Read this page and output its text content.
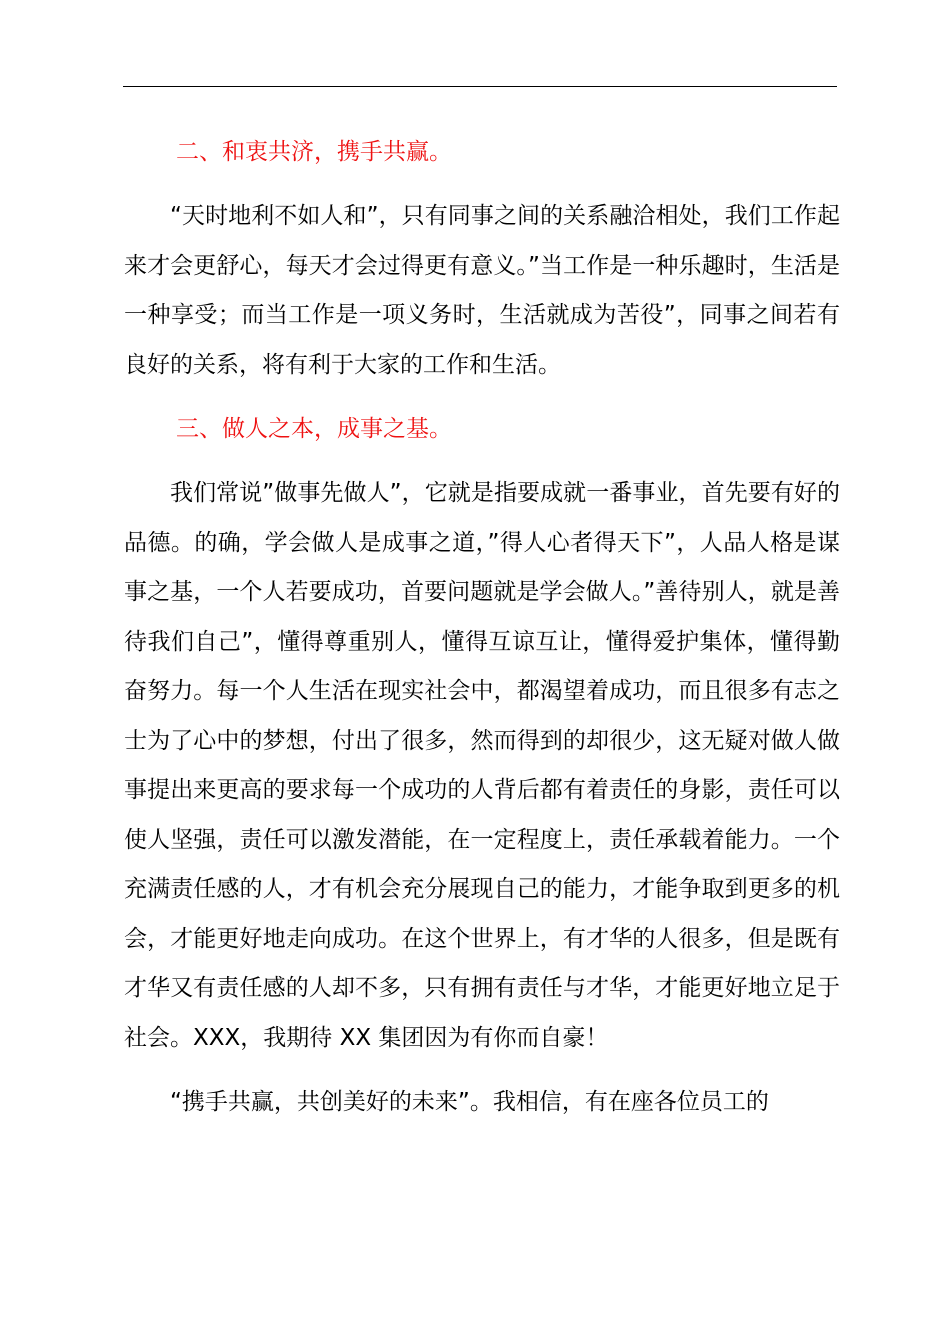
二、和衷共济，携手共赢。

“天时地利不如人和”，只有同事之间的关系融洽相处，我们工作起来才会更舒心，每天才会过得更有意义。”当工作是一种乐趣时，生活是一种享受；而当工作是一项义务时，生活就成为苦役”，同事之间若有良好的关系，将有利于大家的工作和生活。

三、做人之本，成事之基。

我们常说”做事先做人”，它就是指要成就一番事业，首先要有好的品德。的确，学会做人是成事之道，”得人心者得天下”，人品人格是谋事之基，一个人若要成功，首要问题就是学会做人。”善待别人，就是善待我们自己”，懂得尊重别人，懂得互谅互让，懂得爱护集体，懂得勤奋努力。每一个人生活在现实社会中，都渴望着成功，而且很多有志之士为了心中的梦想，付出了很多，然而得到的却很少，这无疑对做人做事提出来更高的要求每一个成功的人背后都有着责任的身影，责任可以使人坚强，责任可以激发潜能，在一定程度上，责任承载着能力。一个充满责任感的人，才有机会充分展现自己的能力，才能争取到更多的机会，才能更好地走向成功。在这个世界上，有才华的人很多，但是既有才华又有责任感的人却不多，只有拥有责任与才华，才能更好地立足于社会。XXX，我期待 XX 集团因为有你而自豪！

“携手共赢，共创美好的未来”。我相信，有在座各位员工的
